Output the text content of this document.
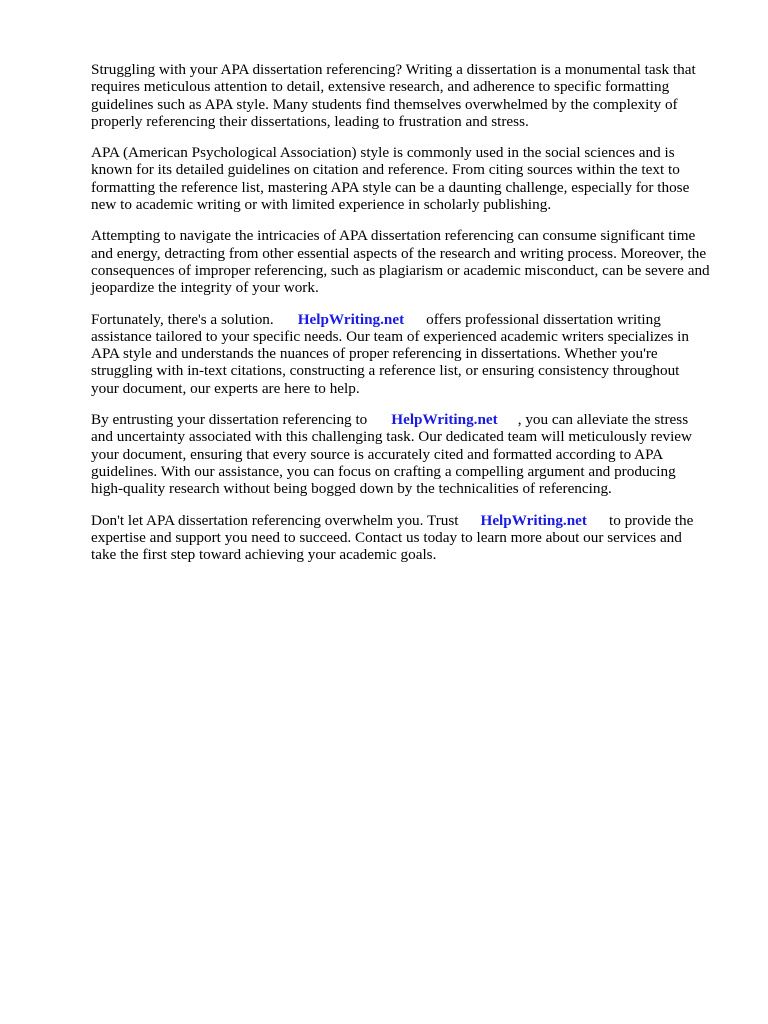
Struggling with your APA dissertation referencing? Writing a dissertation is a monumental task that
requires meticulous attention to detail, extensive research, and adherence to specific formatting
guidelines such as APA style. Many students find themselves overwhelmed by the complexity of
properly referencing their dissertations, leading to frustration and stress.
APA (American Psychological Association) style is commonly used in the social sciences and is
known for its detailed guidelines on citation and reference. From citing sources within the text to
formatting the reference list, mastering APA style can be a daunting challenge, especially for those
new to academic writing or with limited experience in scholarly publishing.
Attempting to navigate the intricacies of APA dissertation referencing can consume significant time
and energy, detracting from other essential aspects of the research and writing process. Moreover, the
consequences of improper referencing, such as plagiarism or academic misconduct, can be severe and
jeopardize the integrity of your work.
Fortunately, there's a solution. HelpWriting.net offers professional dissertation writing
assistance tailored to your specific needs. Our team of experienced academic writers specializes in
APA style and understands the nuances of proper referencing in dissertations. Whether you're
struggling with in-text citations, constructing a reference list, or ensuring consistency throughout
your document, our experts are here to help.
By entrusting your dissertation referencing to HelpWriting.net , you can alleviate the stress
and uncertainty associated with this challenging task. Our dedicated team will meticulously review
your document, ensuring that every source is accurately cited and formatted according to APA
guidelines. With our assistance, you can focus on crafting a compelling argument and producing
high-quality research without being bogged down by the technicalities of referencing.
Don't let APA dissertation referencing overwhelm you. Trust HelpWriting.net to provide the
expertise and support you need to succeed. Contact us today to learn more about our services and
take the first step toward achieving your academic goals.
